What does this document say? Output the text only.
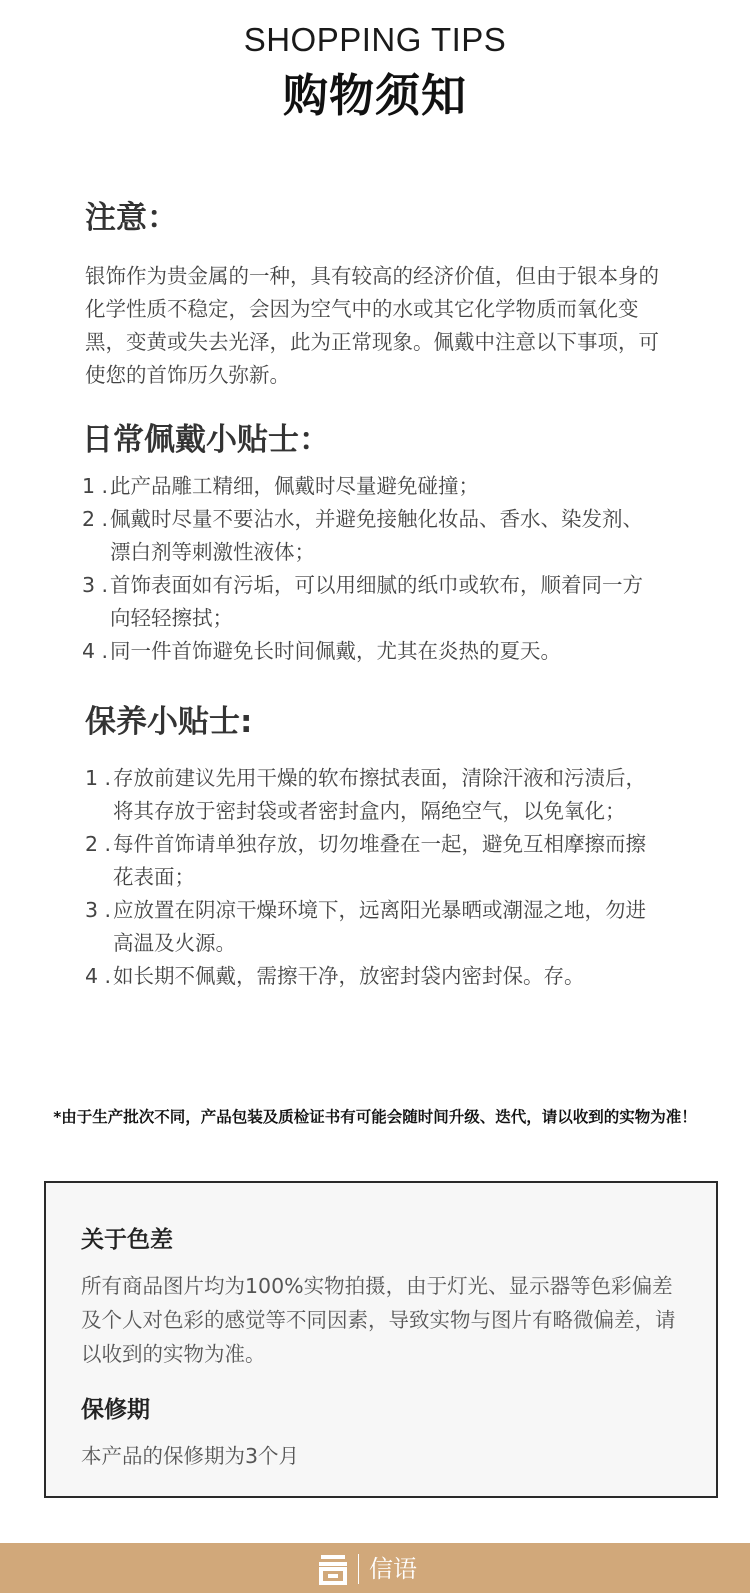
SHOPPING TIPS
购物须知
注意：

银饰作为贵金属的一种，具有较高的经济价值，但由于银本身的化学性质不稳定，会因为空气中的水或其它化学物质而氧化变黑，变黄或失去光泽，此为正常现象。佩戴中注意以下事项，可使您的首饰历久弥新。

日常佩戴小贴士：
1 . 此产品雕工精细，佩戴时尽量避免碰撞；
2 . 佩戴时尽量不要沾水，并避免接触化妆品、香水、染发剂、漂白剂等刺激性液体；
3 . 首饰表面如有污垢，可以用细腻的纸巾或软布，顺着同一方向轻轻擦拭；
4 . 同一件首饰避免长时间佩戴，尤其在炎热的夏天。
保养小贴士:
1 . 存放前建议先用干燥的软布擦拭表面，清除汗液和污渍后，将其存放于密封袋或者密封盒内，隔绝空气，以免氧化；
2 . 每件首饰请单独存放，切勿堆叠在一起，避免互相摩擦而擦花表面；
3 . 应放置在阴凉干燥环境下，远离阳光暴晒或潮湿之地，勿进高温及火源。
4 . 如长期不佩戴，需擦干净，放密封袋内密封保。存。
*由于生产批次不同，产品包装及质检证书有可能会随时间升级、迭代，请以收到的实物为准！
关于色差
所有商品图片均为100%实物拍摄，由于灯光、显示器等色彩偏差及个人对色彩的感觉等不同因素，导致实物与图片有略微偏差，请以收到的实物为准。
保修期
本产品的保修期为3个月
信语
